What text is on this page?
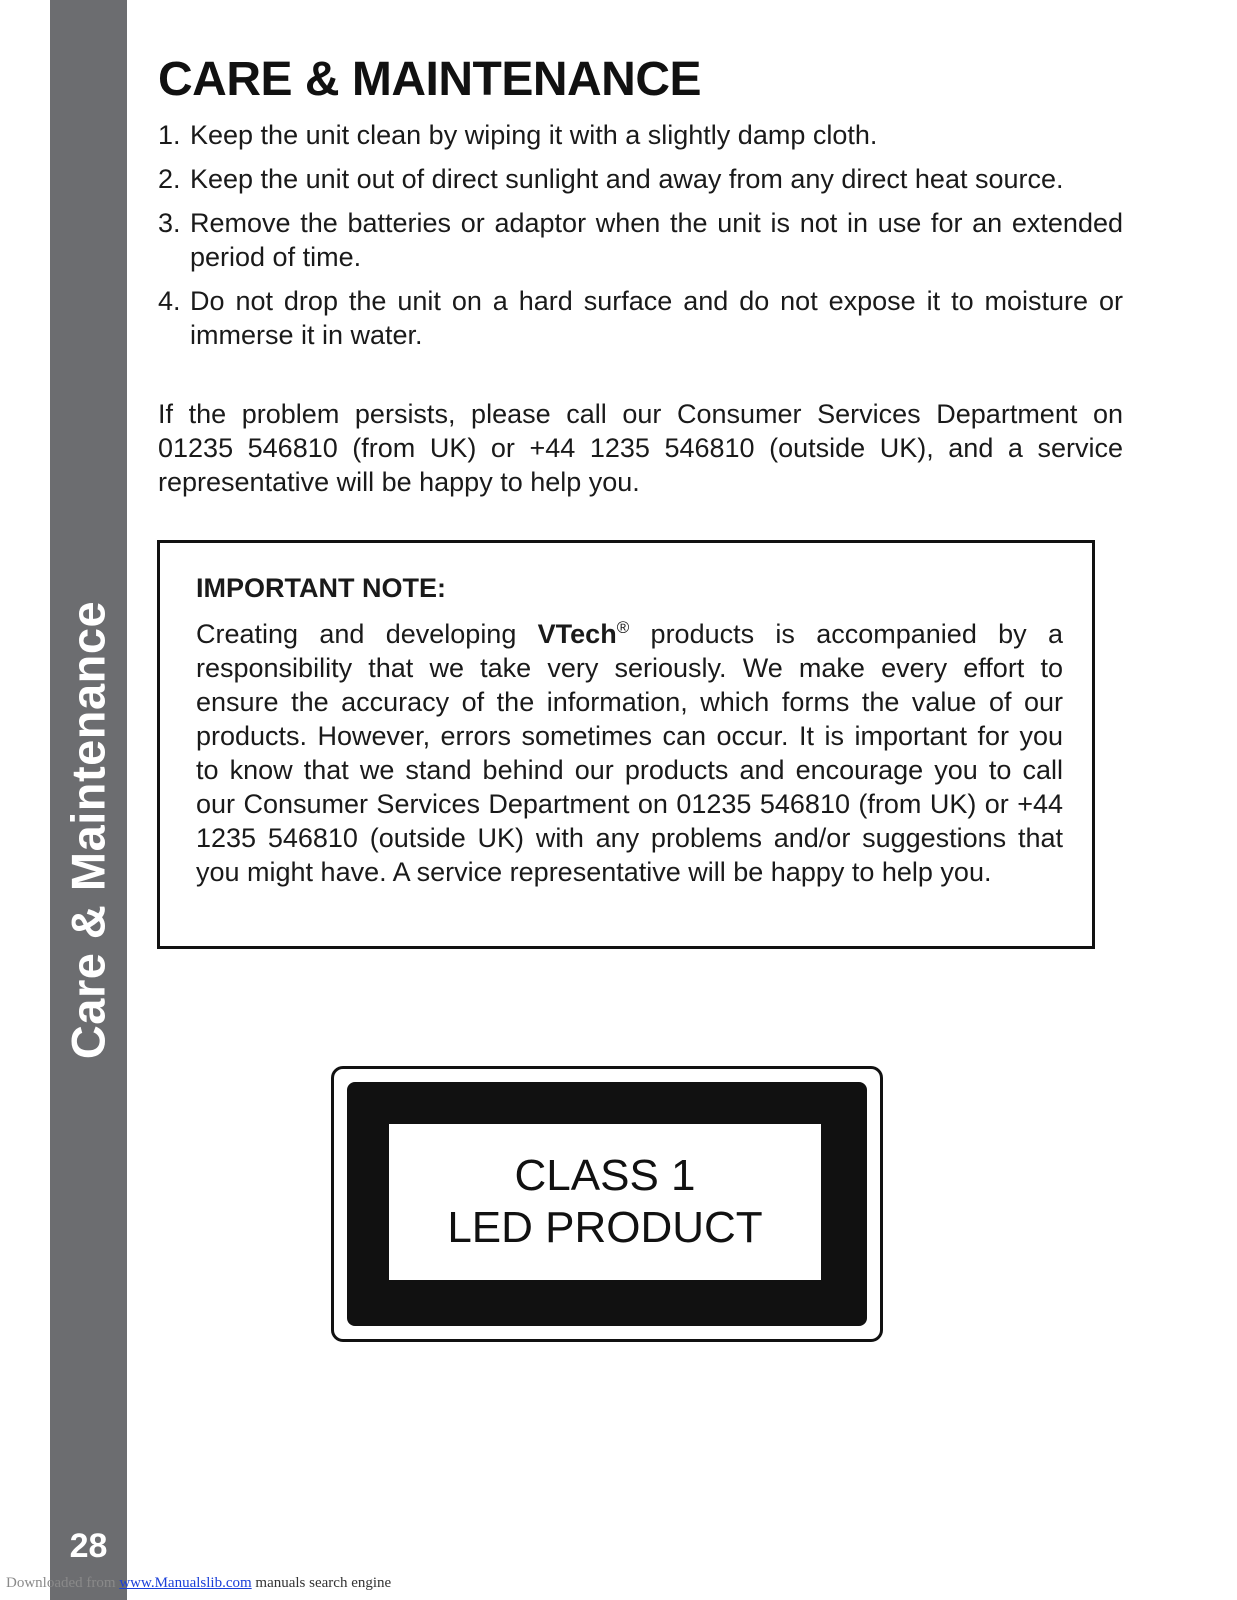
Care & Maintenance
28
CARE & MAINTENANCE
1. Keep the unit clean by wiping it with a slightly damp cloth.
2. Keep the unit out of direct sunlight and away from any direct heat source.
3. Remove the batteries or adaptor when the unit is not in use for an extended period of time.
4. Do not drop the unit on a hard surface and do not expose it to moisture or immerse it in water.

If the problem persists, please call our Consumer Services Department on 01235 546810 (from UK) or +44 1235 546810 (outside UK), and a service representative will be happy to help you.

IMPORTANT NOTE:

Creating and developing VTech® products is accompanied by a responsibility that we take very seriously. We make every effort to ensure the accuracy of the information, which forms the value of our products. However, errors sometimes can occur. It is important for you to know that we stand behind our products and encourage you to call our Consumer Services Department on 01235 546810 (from UK) or +44 1235 546810 (outside UK) with any problems and/or suggestions that you might have. A service representative will be happy to help you.

CLASS 1
LED PRODUCT
Downloaded from www.Manualslib.com manuals search engine
